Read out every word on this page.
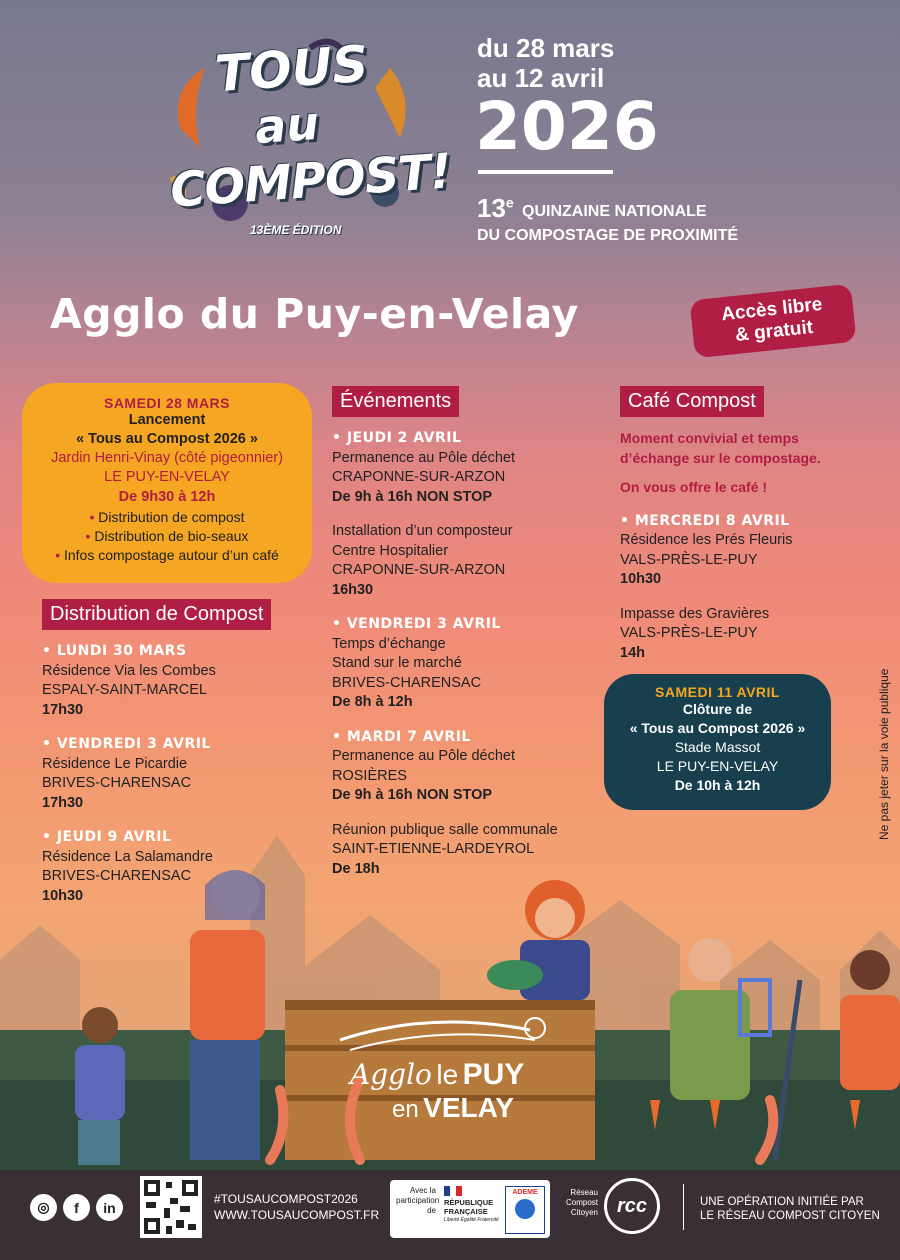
TOUS
au
COMPOST!
13ÈME ÉDITION
du 28 mars
au 12 avril
2026
13e
QUINZAINE NATIONALE
DU COMPOSTAGE DE PROXIMITÉ
Agglo du Puy-en-Velay	Accès libre
& gratuit
SAMEDI 28 MARS
Lancement
« Tous au Compost 2026 »
Jardin Henri-Vinay (côté pigeonnier)
LE PUY-EN-VELAY
De 9h30 à 12h
• Distribution de compost
• Distribution de bio-seaux
• Infos compostage autour d’un café
Distribution de Compost
• LUNDI 30 MARS
Résidence Via les Combes
ESPALY-SAINT-MARCEL
17h30
• VENDREDI 3 AVRIL
Résidence Le Picardie
BRIVES-CHARENSAC
17h30
• JEUDI 9 AVRIL
Résidence La Salamandre
BRIVES-CHARENSAC
10h30
Événements
• JEUDI 2 AVRIL
Permanence au Pôle déchet
CRAPONNE-SUR-ARZON
De 9h à 16h NON STOP
Installation d’un composteur
Centre Hospitalier
CRAPONNE-SUR-ARZON
16h30
• VENDREDI 3 AVRIL
Temps d’échange
Stand sur le marché
BRIVES-CHARENSAC
De 8h à 12h
• MARDI 7 AVRIL
Permanence au Pôle déchet
ROSIÈRES
De 9h à 16h NON STOP
Réunion publique salle communale
SAINT-ETIENNE-LARDEYROL
De 18h
Café Compost
Moment convivial et temps
d’échange sur le compostage.
On vous offre le café !
• MERCREDI 8 AVRIL
Résidence les Prés Fleuris
VALS-PRÈS-LE-PUY
10h30
Impasse des Gravières
VALS-PRÈS-LE-PUY
14h
SAMEDI 11 AVRIL
Clôture de
« Tous au Compost 2026 »
Stade Massot
LE PUY-EN-VELAY
De 10h à 12h	Ne pas jeter sur la voie publique
Agglo le PUY
en VELAY
◎	f	in
#TOUSAUCOMPOST2026
WWW.TOUSAUCOMPOST.FR
Avec la
participation
de
RÉPUBLIQUE
FRANÇAISE
Liberté Égalité Fraternité
ADEME	Réseau
Compost
Citoyen rcc	UNE OPÉRATION INITIÉE PAR
LE RÉSEAU COMPOST CITOYEN
